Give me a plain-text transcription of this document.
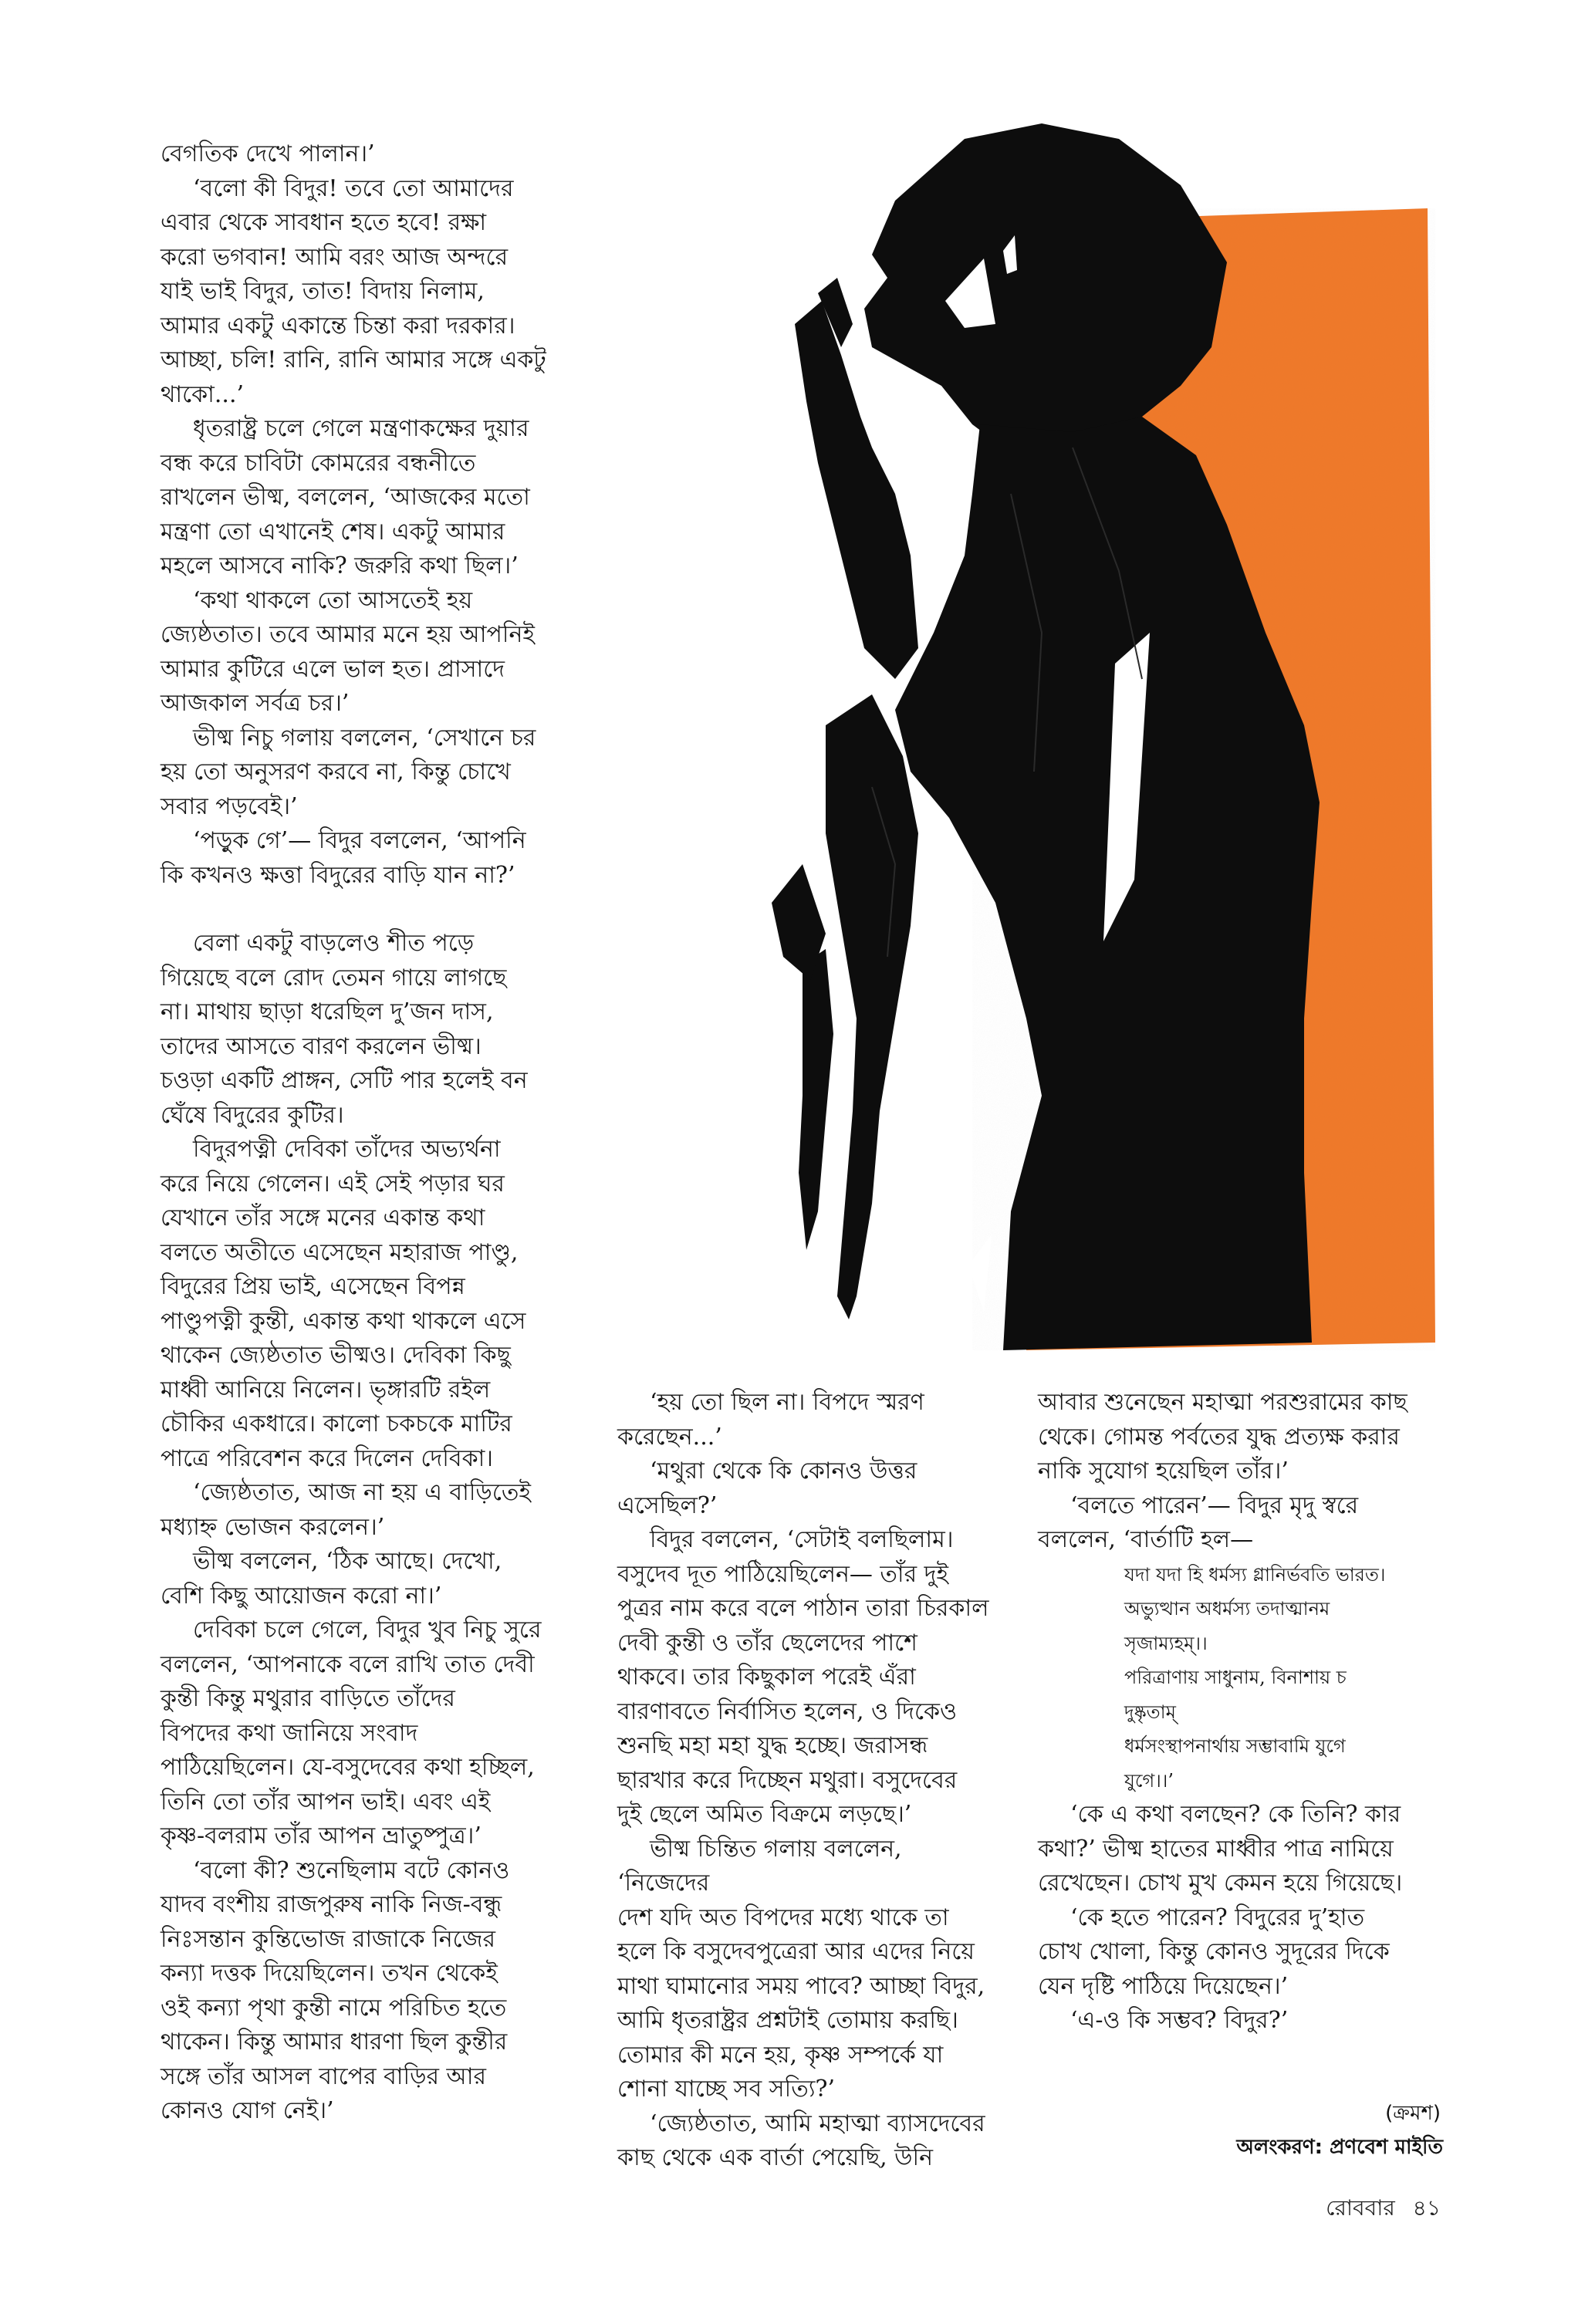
বেগতিক দেখে পালান।’

‘বলো কী বিদুর! তবে তো আমাদের
এবার থেকে সাবধান হতে হবে! রক্ষা
করো ভগবান! আমি বরং আজ অন্দরে
যাই ভাই বিদুর, তাত! বিদায় নিলাম,
আমার একটু একান্তে চিন্তা করা দরকার।
আচ্ছা, চলি! রানি, রানি আমার সঙ্গে একটু
থাকো...’

ধৃতরাষ্ট্র চলে গেলে মন্ত্রণাকক্ষের দুয়ার
বন্ধ করে চাবিটা কোমরের বন্ধনীতে
রাখলেন ভীষ্ম, বললেন, ‘আজকের মতো
মন্ত্রণা তো এখানেই শেষ। একটু আমার
মহলে আসবে নাকি? জরুরি কথা ছিল।’

‘কথা থাকলে তো আসতেই হয়
জ্যেষ্ঠতাত। তবে আমার মনে হয় আপনিই
আমার কুটিরে এলে ভাল হত। প্রাসাদে
আজকাল সর্বত্র চর।’

ভীষ্ম নিচু গলায় বললেন, ‘সেখানে চর
হয় তো অনুসরণ করবে না, কিন্তু চোখে
সবার পড়বেই।’

‘পড়ুক গে’— বিদুর বললেন, ‘আপনি
কি কখনও ক্ষত্তা বিদুরের বাড়ি যান না?’

বেলা একটু বাড়লেও শীত পড়ে
গিয়েছে বলে রোদ তেমন গায়ে লাগছে
না। মাথায় ছাড়া ধরেছিল দু’জন দাস,
তাদের আসতে বারণ করলেন ভীষ্ম।
চওড়া একটি প্রাঙ্গন, সেটি পার হলেই বন
ঘেঁষে বিদুরের কুটির।

বিদুরপত্নী দেবিকা তাঁদের অভ্যর্থনা
করে নিয়ে গেলেন। এই সেই পড়ার ঘর
যেখানে তাঁর সঙ্গে মনের একান্ত কথা
বলতে অতীতে এসেছেন মহারাজ পাণ্ডু,
বিদুরের প্রিয় ভাই, এসেছেন বিপন্ন
পাণ্ডুপত্নী কুন্তী, একান্ত কথা থাকলে এসে
থাকেন জ্যেষ্ঠতাত ভীষ্মও। দেবিকা কিছু
মাধ্বী আনিয়ে নিলেন। ভৃঙ্গারটি রইল
চৌকির একধারে। কালো চকচকে মাটির
পাত্রে পরিবেশন করে দিলেন দেবিকা।

‘জ্যেষ্ঠতাত, আজ না হয় এ বাড়িতেই
মধ্যাহ্ন ভোজন করলেন।’

ভীষ্ম বললেন, ‘ঠিক আছে। দেখো,
বেশি কিছু আয়োজন করো না।’

দেবিকা চলে গেলে, বিদুর খুব নিচু সুরে
বললেন, ‘আপনাকে বলে রাখি তাত দেবী
কুন্তী কিন্তু মথুরার বাড়িতে তাঁদের
বিপদের কথা জানিয়ে সংবাদ
পাঠিয়েছিলেন। যে-বসুদেবের কথা হচ্ছিল,
তিনি তো তাঁর আপন ভাই। এবং এই
কৃষ্ণ-বলরাম তাঁর আপন ভ্রাতুষ্পুত্র।’

‘বলো কী? শুনেছিলাম বটে কোনও
যাদব বংশীয় রাজপুরুষ নাকি নিজ-বন্ধু
নিঃসন্তান কুন্তিভোজ রাজাকে নিজের
কন্যা দত্তক দিয়েছিলেন। তখন থেকেই
ওই কন্যা পৃথা কুন্তী নামে পরিচিত হতে
থাকেন। কিন্তু আমার ধারণা ছিল কুন্তীর
সঙ্গে তাঁর আসল বাপের বাড়ির আর
কোনও যোগ নেই।’

‘হয় তো ছিল না। বিপদে স্মরণ
করেছেন...’

‘মথুরা থেকে কি কোনও উত্তর
এসেছিল?’

বিদুর বললেন, ‘সেটাই বলছিলাম।
বসুদেব দূত পাঠিয়েছিলেন— তাঁর দুই
পুত্রর নাম করে বলে পাঠান তারা চিরকাল
দেবী কুন্তী ও তাঁর ছেলেদের পাশে
থাকবে। তার কিছুকাল পরেই এঁরা
বারণাবতে নির্বাসিত হলেন, ও দিকেও
শুনছি মহা মহা যুদ্ধ হচ্ছে। জরাসন্ধ
ছারখার করে দিচ্ছেন মথুরা। বসুদেবের
দুই ছেলে অমিত বিক্রমে লড়ছে।’

ভীষ্ম চিন্তিত গলায় বললেন, ‘নিজেদের
দেশ যদি অত বিপদের মধ্যে থাকে তা
হলে কি বসুদেবপুত্রেরা আর এদের নিয়ে
মাথা ঘামানোর সময় পাবে? আচ্ছা বিদুর,
আমি ধৃতরাষ্ট্রর প্রশ্নটাই তোমায় করছি।
তোমার কী মনে হয়, কৃষ্ণ সম্পর্কে যা
শোনা যাচ্ছে সব সত্যি?’

‘জ্যেষ্ঠতাত, আমি মহাত্মা ব্যাসদেবের
কাছ থেকে এক বার্তা পেয়েছি, উনি

আবার শুনেছেন মহাত্মা পরশুরামের কাছ
থেকে। গোমন্ত পর্বতের যুদ্ধ প্রত্যক্ষ করার
নাকি সুযোগ হয়েছিল তাঁর।’

‘বলতে পারেন’— বিদুর মৃদু স্বরে
বললেন, ‘বার্তাটি হল—

যদা যদা হি ধর্মস্য গ্লানির্ভবতি ভারত।
অভ্যুত্থান অধর্মস্য তদাত্মানম
সৃজাম্যহম্।।
পরিত্রাণায় সাধুনাম, বিনাশায় চ
দুষ্কৃতাম্
ধর্মসংস্থাপনার্থায় সম্ভাবামি যুগে
যুগে।।’

‘কে এ কথা বলছেন? কে তিনি? কার
কথা?’ ভীষ্ম হাতের মাধ্বীর পাত্র নামিয়ে
রেখেছেন। চোখ মুখ কেমন হয়ে গিয়েছে।

‘কে হতে পারেন? বিদুরের দু’হাত
চোখ খোলা, কিন্তু কোনও সুদূরের দিকে
যেন দৃষ্টি পাঠিয়ে দিয়েছেন।’

‘এ-ও কি সম্ভব? বিদুর?’

(ক্রমশ)
অলংকরণ: প্রণবেশ মাইতি
রোববার ৪১
